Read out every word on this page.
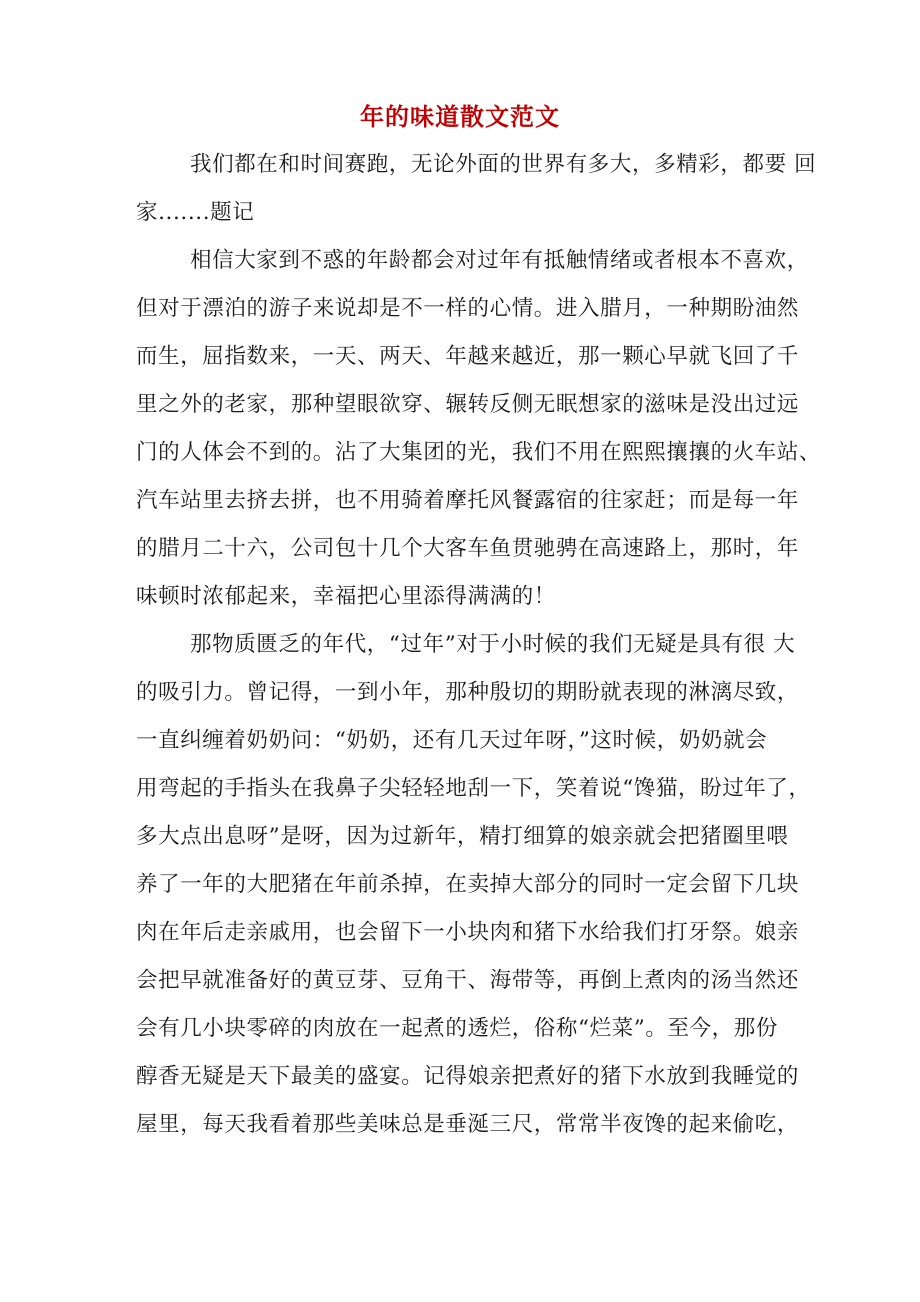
年的味道散文范文
我们都在和时间赛跑，无论外面的世界有多大，多精彩，都要 回
家.......题记
相信大家到不惑的年龄都会对过年有抵触情绪或者根本不喜欢，
但对于漂泊的游子来说却是不一样的心情。进入腊月，一种期盼油然
而生，屈指数来，一天、两天、年越来越近，那一颗心早就飞回了千
里之外的老家，那种望眼欲穿、辗转反侧无眠想家的滋味是没出过远
门的人体会不到的。沾了大集团的光，我们不用在熙熙攘攘的火车站、
汽车站里去挤去拼，也不用骑着摩托风餐露宿的往家赶；而是每一年
的腊月二十六，公司包十几个大客车鱼贯驰骋在高速路上，那时，年
味顿时浓郁起来，幸福把心里添得满满的！
那物质匮乏的年代，“过年”对于小时候的我们无疑是具有很 大
的吸引力。曾记得，一到小年，那种殷切的期盼就表现的淋漓尽致，
一直纠缠着奶奶问：“奶奶，还有几天过年呀，”这时候，奶奶就会
用弯起的手指头在我鼻子尖轻轻地刮一下，笑着说“馋猫，盼过年了，
多大点出息呀”是呀，因为过新年，精打细算的娘亲就会把猪圈里喂
养了一年的大肥猪在年前杀掉，在卖掉大部分的同时一定会留下几块
肉在年后走亲戚用，也会留下一小块肉和猪下水给我们打牙祭。娘亲
会把早就准备好的黄豆芽、豆角干、海带等，再倒上煮肉的汤当然还
会有几小块零碎的肉放在一起煮的透烂，俗称“烂菜”。至今，那份
醇香无疑是天下最美的盛宴。记得娘亲把煮好的猪下水放到我睡觉的
屋里，每天我看着那些美味总是垂涎三尺，常常半夜馋的起来偷吃，
